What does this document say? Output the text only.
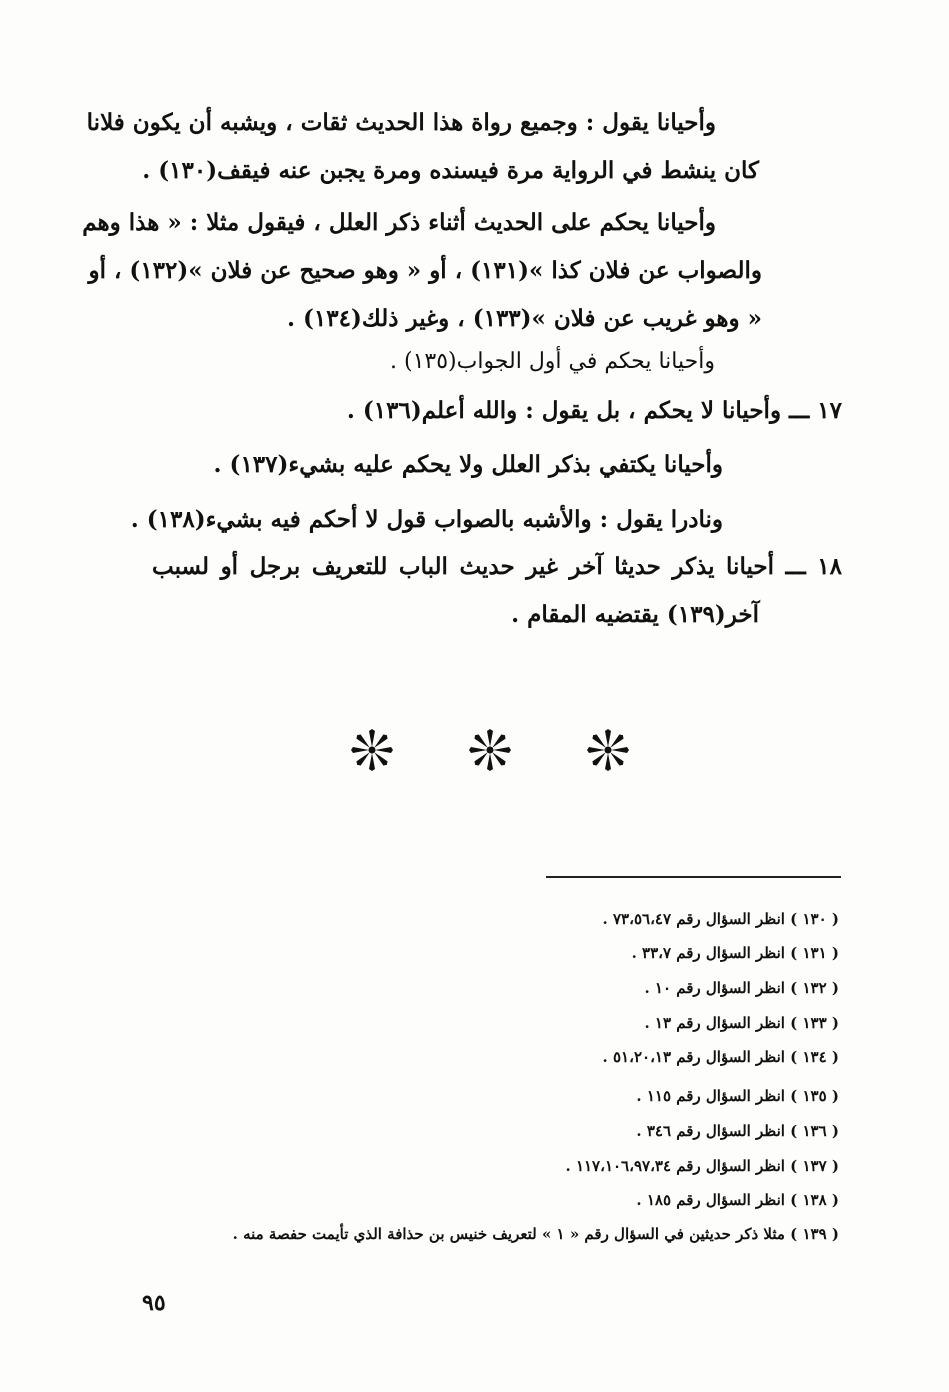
وأحيانا يقول : وجميع رواة هذا الحديث ثقات ، ويشبه أن يكون فلانا
كان ينشط في الرواية مرة فيسنده ومرة يجبن عنه فيقف(١٣٠) .
وأحيانا يحكم على الحديث أثناء ذكر العلل ، فيقول مثلا : « هذا وهم
والصواب عن فلان كذا »(١٣١) ، أو « وهو صحيح عن فلان »(١٣٢) ، أو
« وهو غريب عن فلان »(١٣٣) ، وغير ذلك(١٣٤) .
وأحيانا يحكم في أول الجواب(١٣٥) .
١٧ ـــ وأحيانا لا يحكم ، بل يقول : والله أعلم(١٣٦) .
وأحيانا يكتفي بذكر العلل ولا يحكم عليه بشيء(١٣٧) .
ونادرا يقول : والأشبه بالصواب قول لا أحكم فيه بشيء(١٣٨) .
١٨ ـــ أحيانا يذكر حديثا آخر غير حديث الباب للتعريف برجل أو لسبب
آخر(١٣٩) يقتضيه المقام .
( ١٣٠ ) انظر السؤال رقم ٧٣،٥٦،٤٧ .
( ١٣١ ) انظر السؤال رقم ٣٣،٧ .
( ١٣٢ ) انظر السؤال رقم ١٠ .
( ١٣٣ ) انظر السؤال رقم ١٣ .
( ١٣٤ ) انظر السؤال رقم ٥١،٢٠،١٣ .
( ١٣٥ ) انظر السؤال رقم ١١٥ .
( ١٣٦ ) انظر السؤال رقم ٣٤٦ .
( ١٣٧ ) انظر السؤال رقم ١١٧،١٠٦،٩٧،٣٤ .
( ١٣٨ ) انظر السؤال رقم ١٨٥ .
( ١٣٩ ) مثلا ذكر حديثين في السؤال رقم « ١ » لتعريف خنيس بن حذافة الذي تأيمت حفصة منه .
٩٥
